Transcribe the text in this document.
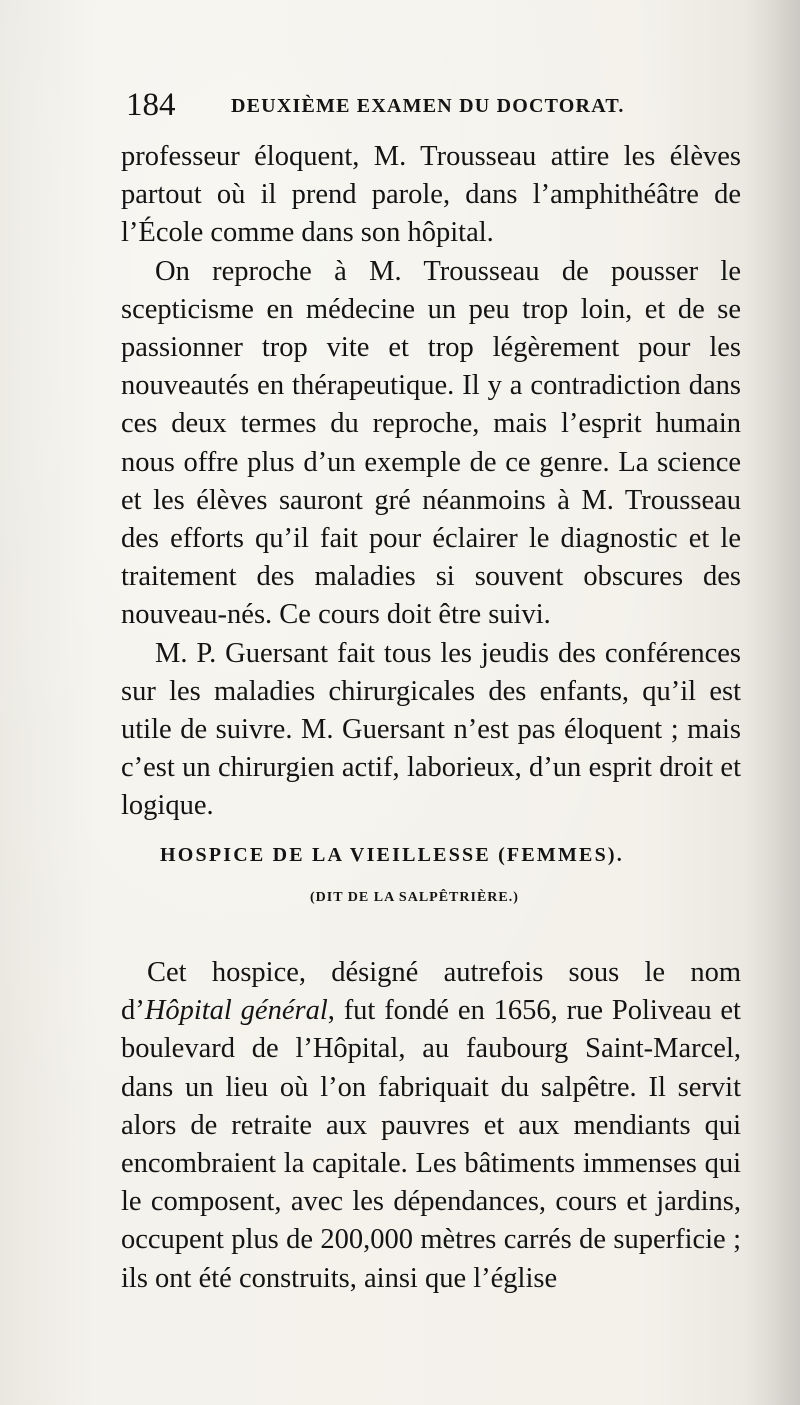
184	DEUXIÈME EXAMEN DU DOCTORAT.

professeur éloquent, M. Trousseau attire les élèves partout où il prend parole, dans l’amphithéâtre de l’École comme dans son hôpital.

On reproche à M. Trousseau de pousser le scepticisme en médecine un peu trop loin, et de se passionner trop vite et trop légèrement pour les nouveautés en thérapeutique. Il y a contradiction dans ces deux termes du reproche, mais l’esprit humain nous offre plus d’un exemple de ce genre. La science et les élèves sauront gré néanmoins à M. Trousseau des efforts qu’il fait pour éclairer le diagnostic et le traitement des maladies si souvent obscures des nouveau-nés. Ce cours doit être suivi.

M. P. Guersant fait tous les jeudis des conférences sur les maladies chirurgicales des enfants, qu’il est utile de suivre. M. Guersant n’est pas éloquent ; mais c’est un chirurgien actif, laborieux, d’un esprit droit et logique.

HOSPICE DE LA VIEILLESSE (FEMMES).
(DIT DE LA SALPÊTRIÈRE.)

Cet hospice, désigné autrefois sous le nom d’Hôpital général, fut fondé en 1656, rue Poliveau et boulevard de l’Hôpital, au faubourg Saint-Marcel, dans un lieu où l’on fabriquait du salpêtre. Il servit alors de retraite aux pauvres et aux mendiants qui encombraient la capitale. Les bâtiments immenses qui le composent, avec les dépendances, cours et jardins, occupent plus de 200,000 mètres carrés de superficie ; ils ont été construits, ainsi que l’église
